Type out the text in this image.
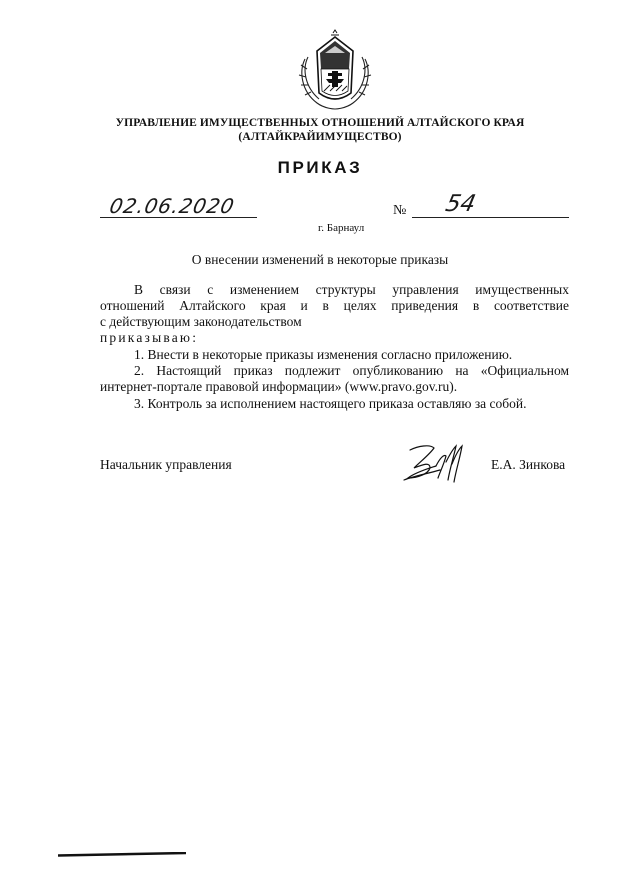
УПРАВЛЕНИЕ ИМУЩЕСТВЕННЫХ ОТНОШЕНИЙ АЛТАЙСКОГО КРАЯ
(АЛТАЙКРАЙИМУЩЕСТВО)
ПРИКАЗ
02.06.2020	№ 54
г. Барнаул
О внесении изменений в некоторые приказы
В связи с изменением структуры управления имущественных
отношений Алтайского края и в целях приведения в соответствие
с действующим законодательством
приказываю:
1. Внести в некоторые приказы изменения согласно приложению.
2. Настоящий приказ подлежит опубликованию на «Официальном
интернет-портале правовой информации» (www.pravo.gov.ru).
3. Контроль за исполнением настоящего приказа оставляю за собой.
Начальник управления	Е.А. Зинкова
